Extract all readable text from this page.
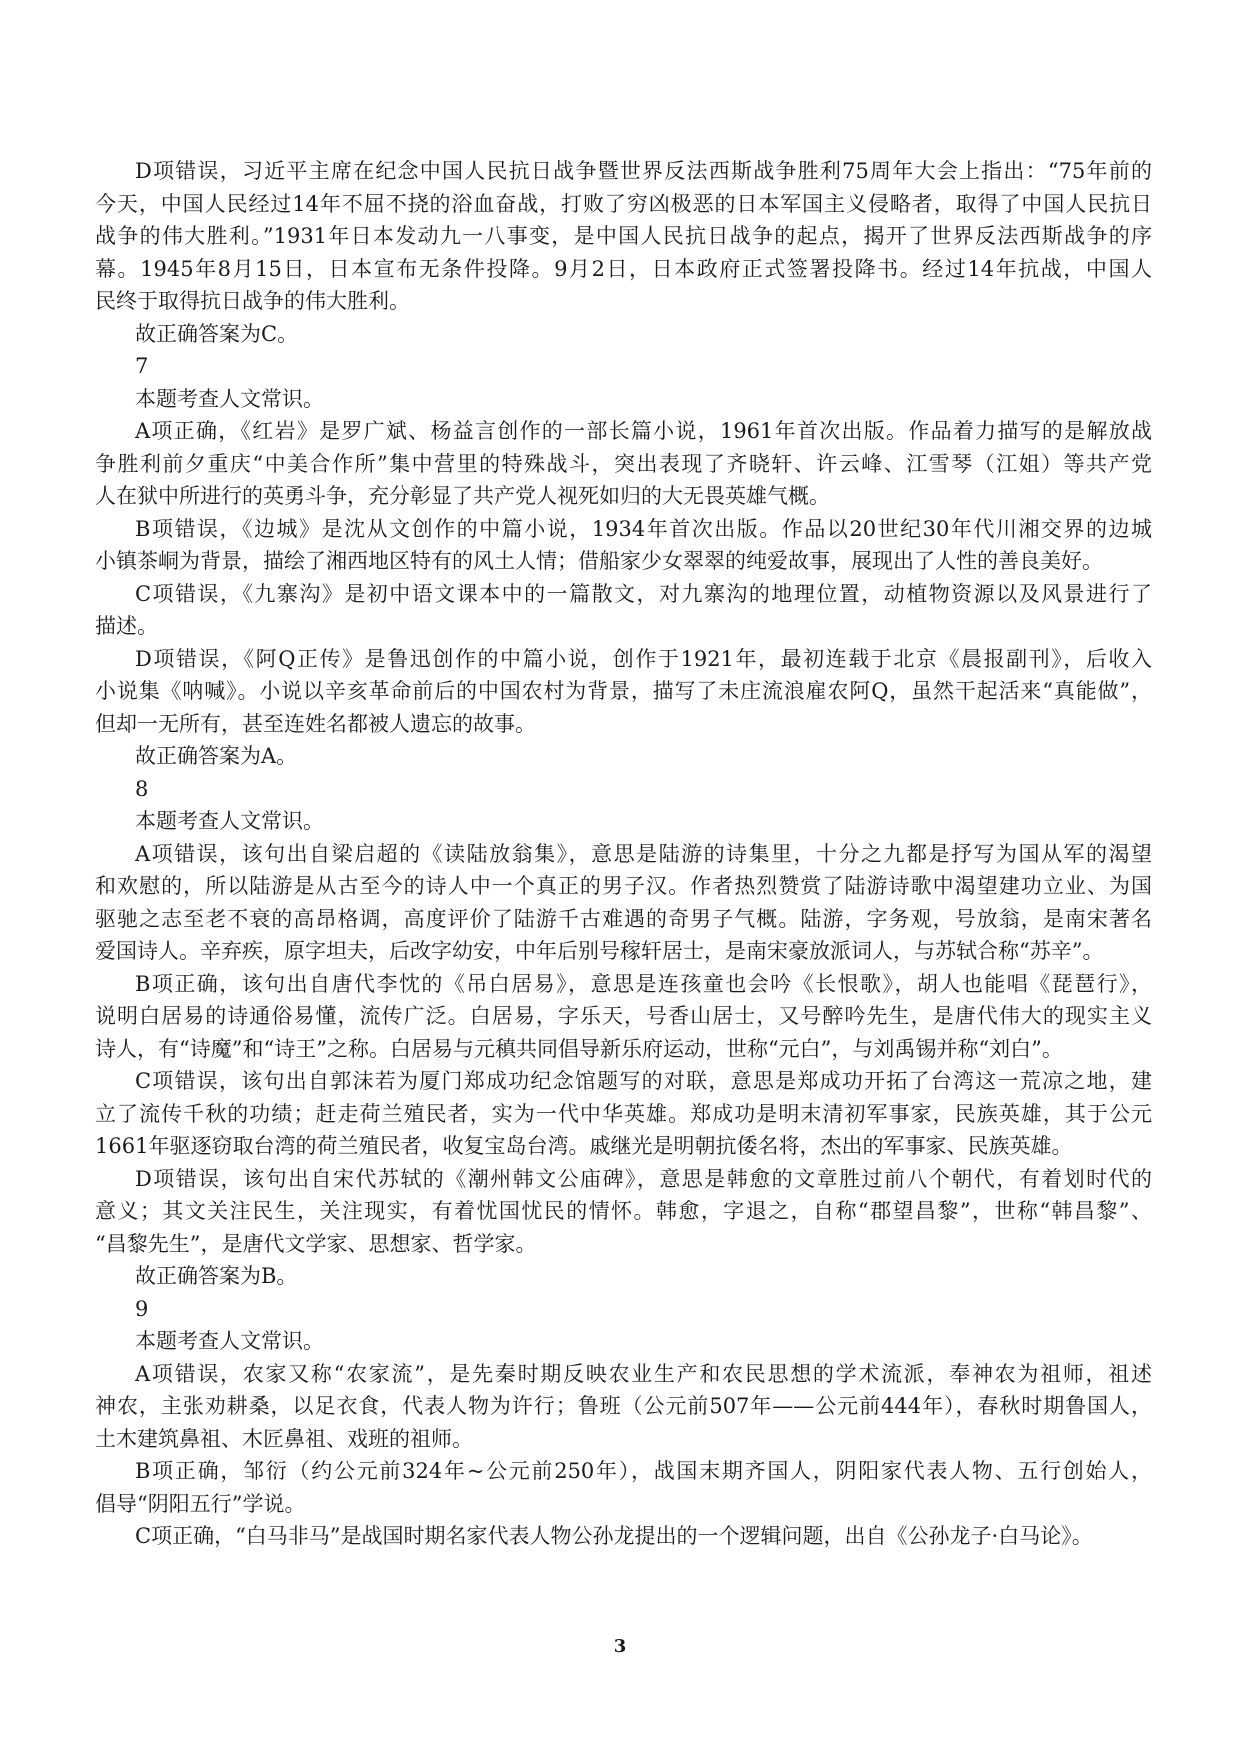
D项错误，习近平主席在纪念中国人民抗日战争暨世界反法西斯战争胜利75周年大会上指出：“75年前的
今天，中国人民经过14年不屈不挠的浴血奋战，打败了穷凶极恶的日本军国主义侵略者，取得了中国人民抗日
战争的伟大胜利。”1931年日本发动九一八事变，是中国人民抗日战争的起点，揭开了世界反法西斯战争的序
幕。1945年8月15日，日本宣布无条件投降。9月2日，日本政府正式签署投降书。经过14年抗战，中国人
民终于取得抗日战争的伟大胜利。
故正确答案为C。
7
本题考查人文常识。
A项正确，《红岩》是罗广斌、杨益言创作的一部长篇小说，1961年首次出版。作品着力描写的是解放战
争胜利前夕重庆“中美合作所”集中营里的特殊战斗，突出表现了齐晓轩、许云峰、江雪琴（江姐）等共产党
人在狱中所进行的英勇斗争，充分彰显了共产党人视死如归的大无畏英雄气概。
B项错误，《边城》是沈从文创作的中篇小说，1934年首次出版。作品以20世纪30年代川湘交界的边城
小镇茶峒为背景，描绘了湘西地区特有的风土人情；借船家少女翠翠的纯爱故事，展现出了人性的善良美好。
C项错误，《九寨沟》是初中语文课本中的一篇散文，对九寨沟的地理位置，动植物资源以及风景进行了
描述。
D项错误，《阿Q正传》是鲁迅创作的中篇小说，创作于1921年，最初连载于北京《晨报副刊》，后收入
小说集《呐喊》。小说以辛亥革命前后的中国农村为背景，描写了未庄流浪雇农阿Q，虽然干起活来“真能做”，
但却一无所有，甚至连姓名都被人遗忘的故事。
故正确答案为A。
8
本题考查人文常识。
A项错误，该句出自梁启超的《读陆放翁集》，意思是陆游的诗集里，十分之九都是抒写为国从军的渴望
和欢慰的，所以陆游是从古至今的诗人中一个真正的男子汉。作者热烈赞赏了陆游诗歌中渴望建功立业、为国
驱驰之志至老不衰的高昂格调，高度评价了陆游千古难遇的奇男子气概。陆游，字务观，号放翁，是南宋著名
爱国诗人。辛弃疾，原字坦夫，后改字幼安，中年后别号稼轩居士，是南宋豪放派词人，与苏轼合称“苏辛”。
B项正确，该句出自唐代李忱的《吊白居易》，意思是连孩童也会吟《长恨歌》，胡人也能唱《琵琶行》，
说明白居易的诗通俗易懂，流传广泛。白居易，字乐天，号香山居士，又号醉吟先生，是唐代伟大的现实主义
诗人，有“诗魔”和“诗王”之称。白居易与元稹共同倡导新乐府运动，世称“元白”，与刘禹锡并称“刘白”。
C项错误，该句出自郭沫若为厦门郑成功纪念馆题写的对联，意思是郑成功开拓了台湾这一荒凉之地，建
立了流传千秋的功绩；赶走荷兰殖民者，实为一代中华英雄。郑成功是明末清初军事家，民族英雄，其于公元
1661年驱逐窃取台湾的荷兰殖民者，收复宝岛台湾。戚继光是明朝抗倭名将，杰出的军事家、民族英雄。
D项错误，该句出自宋代苏轼的《潮州韩文公庙碑》，意思是韩愈的文章胜过前八个朝代，有着划时代的
意义；其文关注民生，关注现实，有着忧国忧民的情怀。韩愈，字退之，自称“郡望昌黎”，世称“韩昌黎”、
“昌黎先生”，是唐代文学家、思想家、哲学家。
故正确答案为B。
9
本题考查人文常识。
A项错误，农家又称“农家流”，是先秦时期反映农业生产和农民思想的学术流派，奉神农为祖师，祖述
神农，主张劝耕桑，以足衣食，代表人物为许行；鲁班（公元前507年——公元前444年），春秋时期鲁国人，
土木建筑鼻祖、木匠鼻祖、戏班的祖师。
B项正确，邹衍（约公元前324年~公元前250年），战国末期齐国人，阴阳家代表人物、五行创始人，
倡导“阴阳五行”学说。
C项正确，“白马非马”是战国时期名家代表人物公孙龙提出的一个逻辑问题，出自《公孙龙子·白马论》。
3
